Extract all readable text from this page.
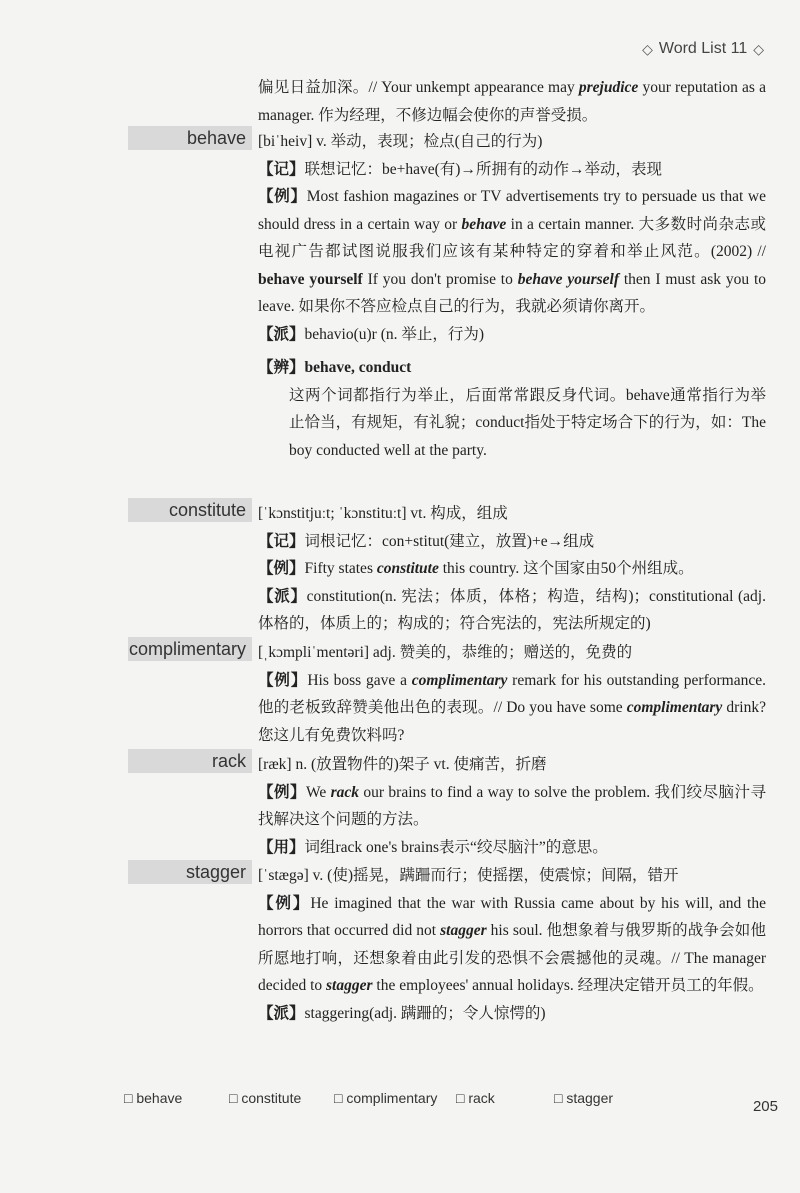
◇ Word List 11 ◇

偏见日益加深。// Your unkempt appearance may prejudice your reputation as a manager. 作为经理，不修边幅会使你的声誉受损。

behave [biˈheiv] v. 举动，表现；检点(自己的行为)

【记】联想记忆：be+have(有)→所拥有的动作→举动，表现

【例】Most fashion magazines or TV advertisements try to persuade us that we should dress in a certain way or behave in a certain manner. 大多数时尚杂志或电视广告都试图说服我们应该有某种特定的穿着和举止风范。(2002) // behave yourself If you don't promise to behave yourself then I must ask you to leave. 如果你不答应检点自己的行为，我就必须请你离开。

【派】behavio(u)r (n. 举止，行为)

【辨】behave, conduct

这两个词都指行为举止，后面常常跟反身代词。behave通常指行为举止恰当，有规矩，有礼貌；conduct指处于特定场合下的行为，如：The boy conducted well at the party.

constitute [ˈkɔnstitjuːt; ˈkɔnstituːt] vt. 构成，组成

【记】词根记忆：con+stitut(建立，放置)+e→组成

【例】Fifty states constitute this country. 这个国家由50个州组成。

【派】constitution(n. 宪法；体质，体格；构造，结构)；constitutional (adj. 体格的，体质上的；构成的；符合宪法的，宪法所规定的)

complimentary [ˌkɔmpliˈmentəri] adj. 赞美的，恭维的；赠送的，免费的

【例】His boss gave a complimentary remark for his outstanding performance. 他的老板致辞赞美他出色的表现。// Do you have some complimentary drink? 您这儿有免费饮料吗?

rack [ræk] n. (放置物件的)架子 vt. 使痛苦，折磨

【例】We rack our brains to find a way to solve the problem. 我们绞尽脑汁寻找解决这个问题的方法。

【用】词组rack one's brains表示“绞尽脑汁”的意思。

stagger [ˈstægə] v. (使)摇晃，蹒跚而行；使摇摆，使震惊；间隔，错开

【例】He imagined that the war with Russia came about by his will, and the horrors that occurred did not stagger his soul. 他想象着与俄罗斯的战争会如他所愿地打响，还想象着由此引发的恐惧不会震撼他的灵魂。// The manager decided to stagger the employees' annual holidays. 经理决定错开员工的年假。

【派】staggering(adj. 蹒跚的；令人惊愕的)

□ behave	□ constitute	□ complimentary	□ rack	□ stagger	205
